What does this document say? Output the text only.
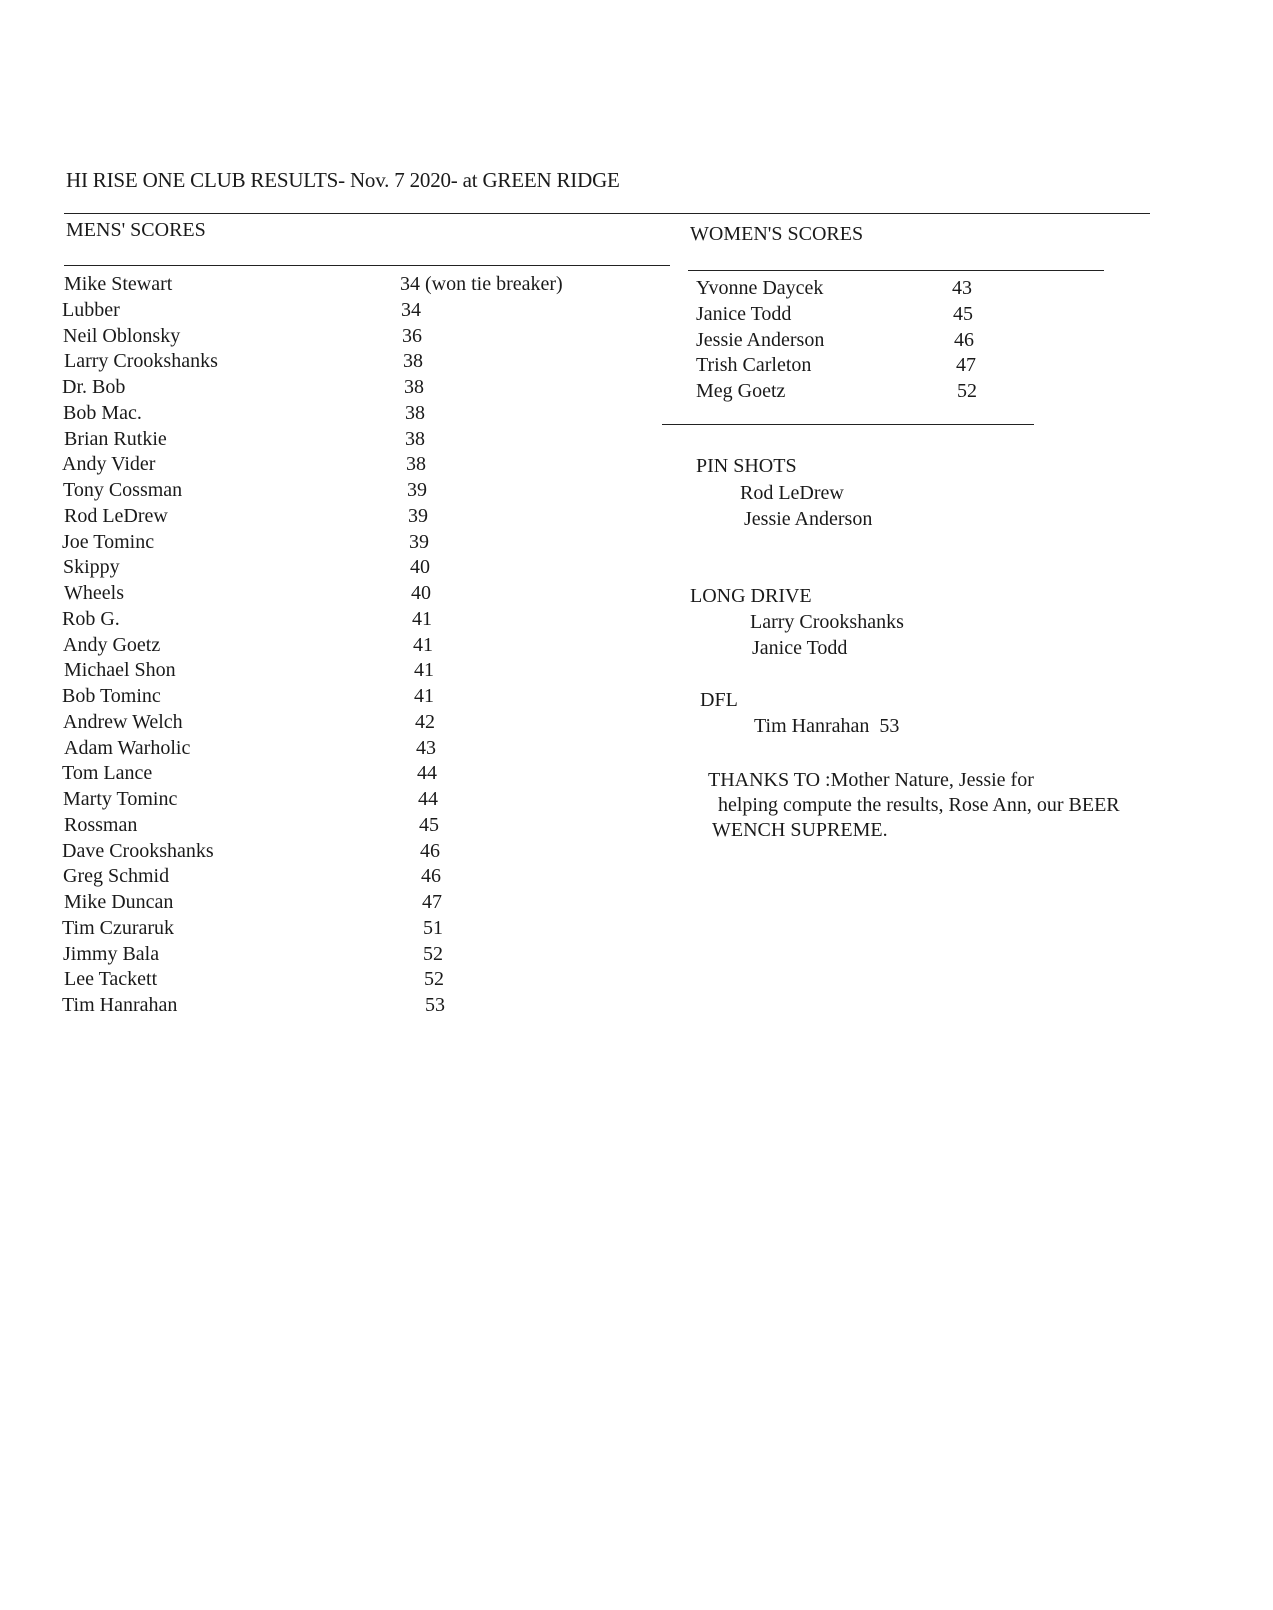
HI RISE ONE CLUB RESULTS- Nov. 7 2020- at GREEN RIDGE
MENS' SCORES	WOMEN'S SCORES
Mike Stewart	34 (won tie breaker)
Lubber	34
Neil Oblonsky	36
Larry Crookshanks	38
Dr. Bob	38
Bob Mac.	38
Brian Rutkie	38
Andy Vider	38
Tony Cossman	39
Rod LeDrew	39
Joe Tominc	39
Skippy	40
Wheels	40
Rob G.	41
Andy Goetz	41
Michael Shon	41
Bob Tominc	41
Andrew Welch	42
Adam Warholic	43
Tom Lance	44
Marty Tominc	44
Rossman	45
Dave Crookshanks	46
Greg Schmid	46
Mike Duncan	47
Tim Czuraruk	51
Jimmy Bala	52
Lee Tackett	52
Tim Hanrahan	53
Yvonne Daycek	43
Janice Todd	45
Jessie Anderson	46
Trish Carleton	47
Meg Goetz	52
PIN SHOTS
Rod LeDrew
Jessie Anderson
LONG DRIVE
Larry Crookshanks
Janice Todd
DFL
Tim Hanrahan  53
THANKS TO :Mother Nature, Jessie for
helping compute the results, Rose Ann, our BEER
WENCH SUPREME.
